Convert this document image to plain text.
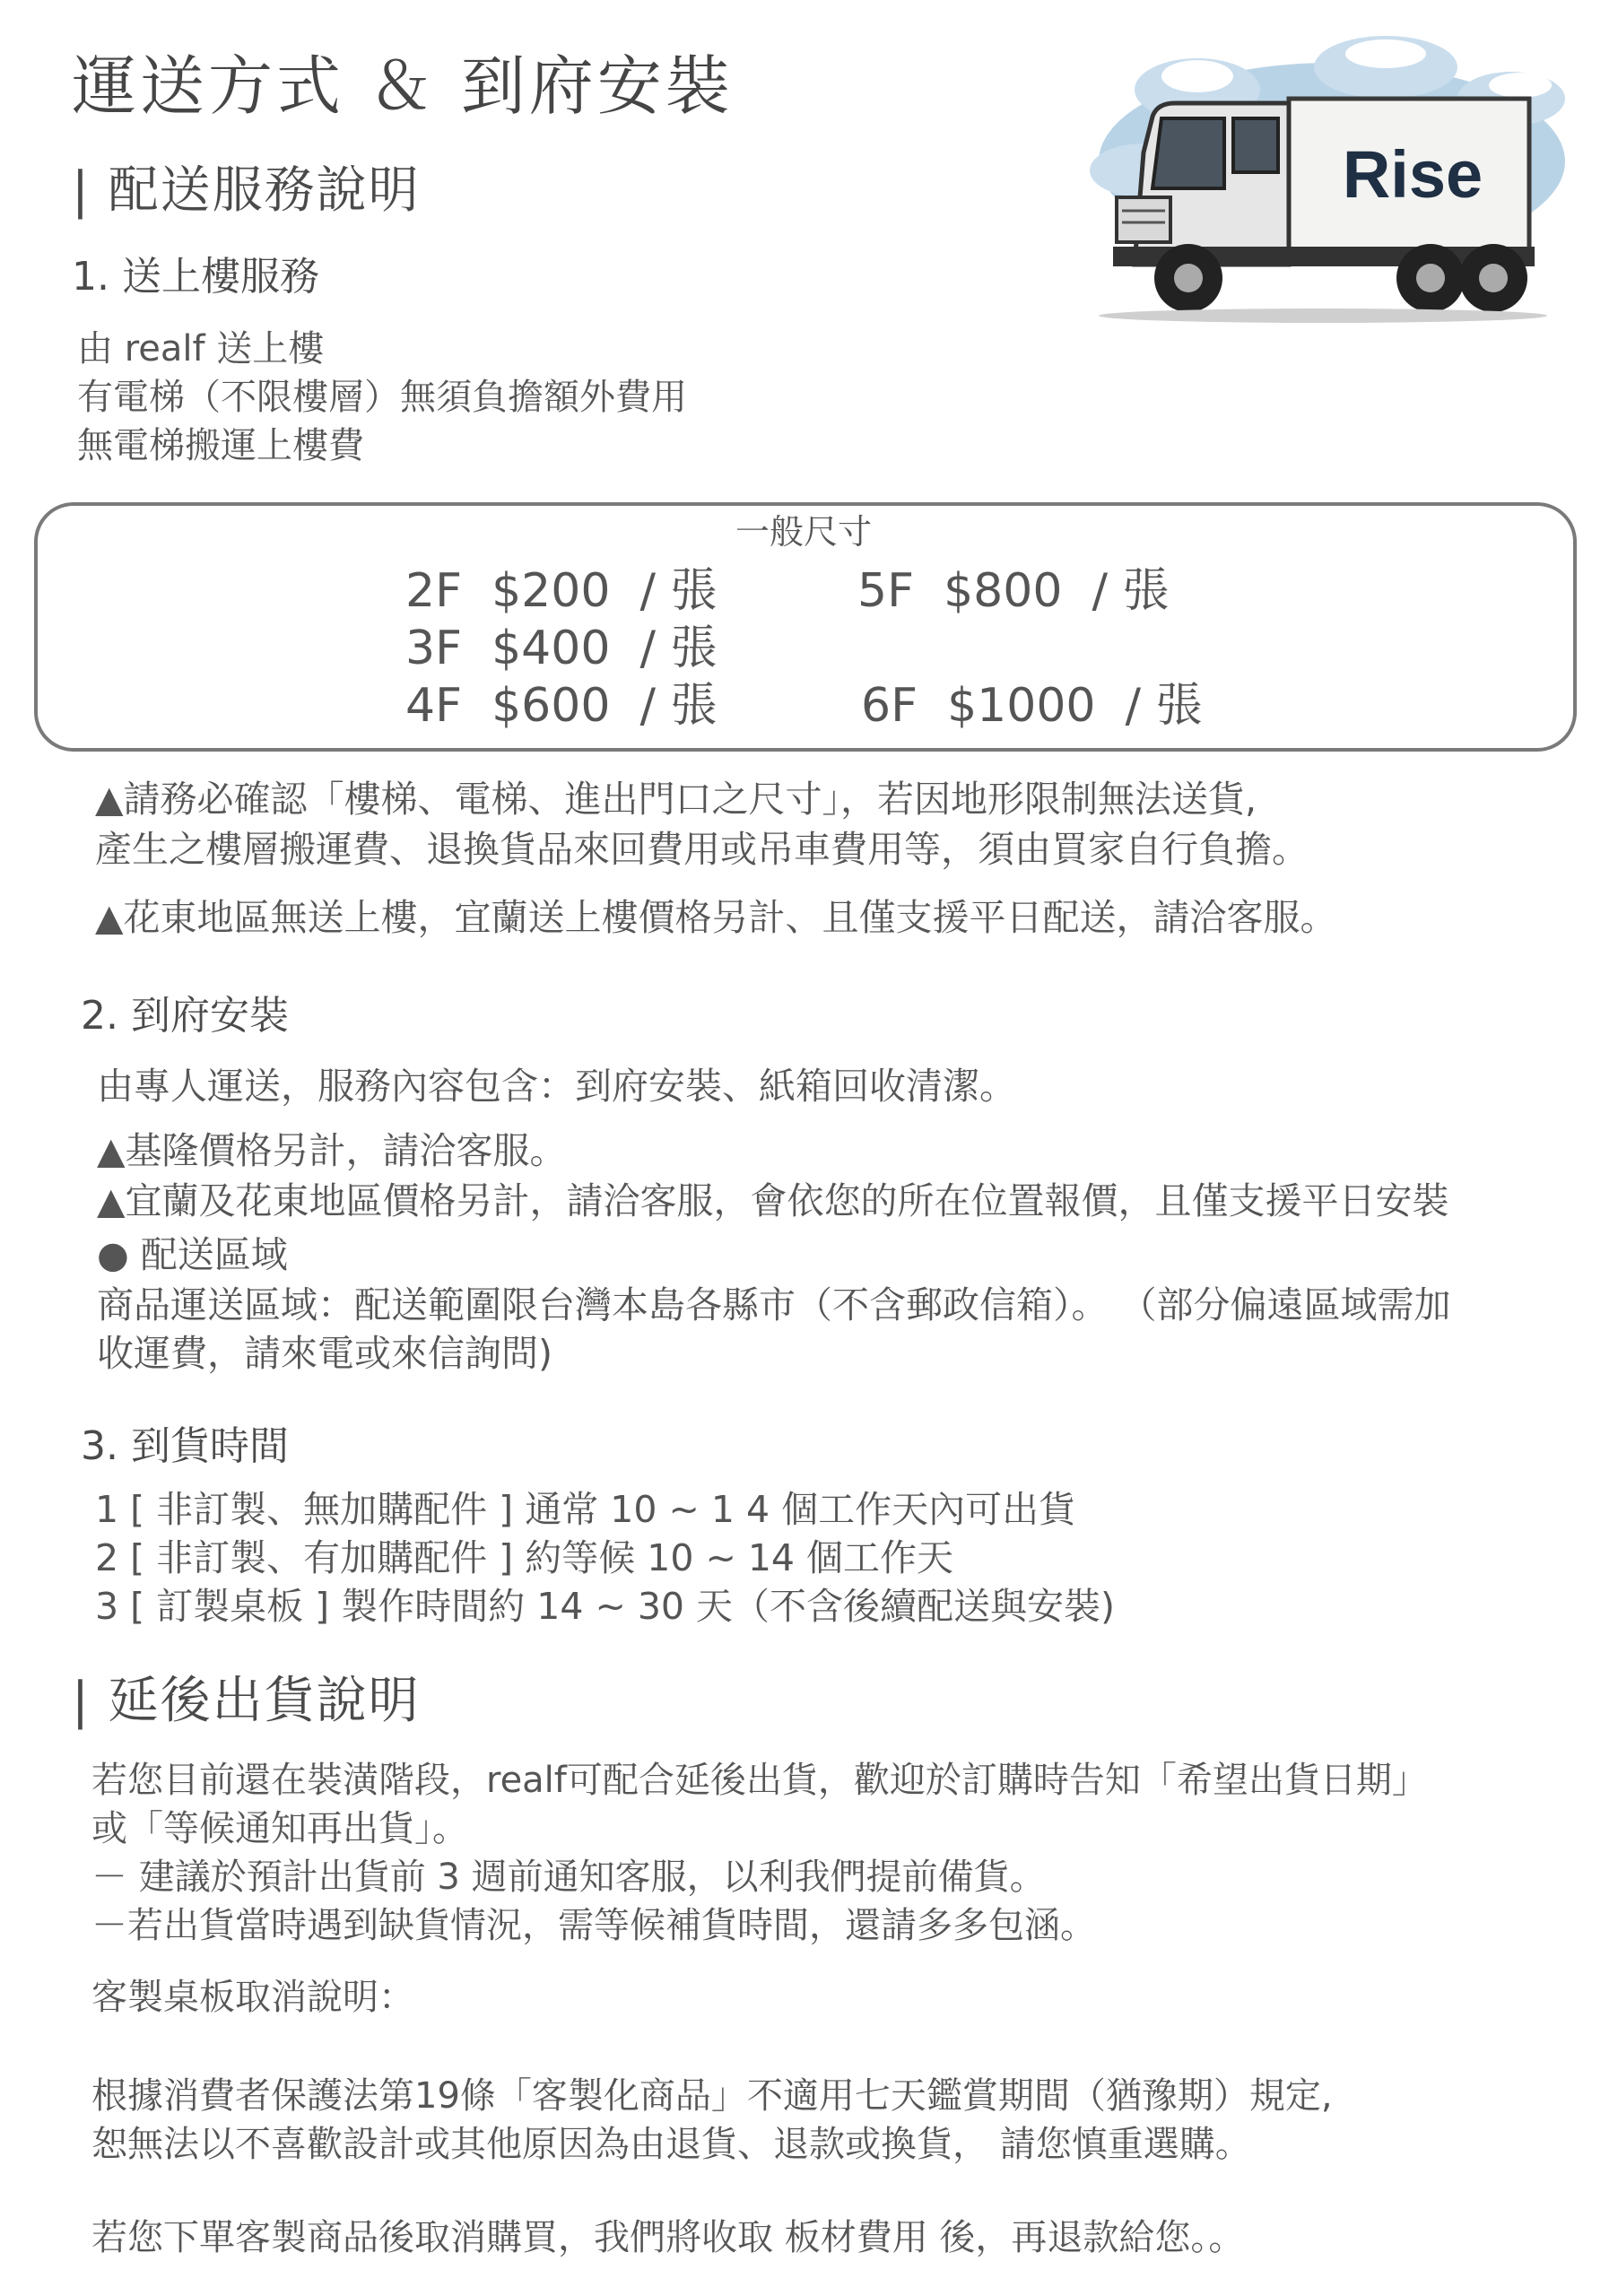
運送方式 ＆ 到府安裝
Rise
| 配送服務說明
1. 送上樓服務
由 realf 送上樓
有電梯（不限樓層）無須負擔額外費用
無電梯搬運上樓費
一般尺寸
2F $200 / 張
3F $400 / 張
4F $600 / 張
5F $800 / 張
6F $1000 / 張
▲請務必確認「樓梯、電梯、進出門口之尺寸」，若因地形限制無法送貨,
產生之樓層搬運費、退換貨品來回費用或吊車費用等，須由買家自行負擔。
▲花東地區無送上樓，宜蘭送上樓價格另計、且僅支援平日配送，請洽客服。
2. 到府安裝
由專人運送，服務內容包含：到府安裝、紙箱回收清潔。
▲基隆價格另計，請洽客服。
▲宜蘭及花東地區價格另計，請洽客服，會依您的所在位置報價，且僅支援平日安裝
● 配送區域
商品運送區域：配送範圍限台灣本島各縣市（不含郵政信箱）。 （部分偏遠區域需加
收運費，請來電或來信詢問)
3. 到貨時間
1 [ 非訂製、無加購配件 ] 通常 10 ~ 1 4 個工作天內可出貨
2 [ 非訂製、有加購配件 ] 約等候 10 ~ 14 個工作天
3 [ 訂製桌板 ] 製作時間約 14 ~ 30 天（不含後續配送與安裝)
| 延後出貨說明
若您目前還在裝潢階段，realf可配合延後出貨，歡迎於訂購時告知「希望出貨日期」
或「等候通知再出貨」。
－ 建議於預計出貨前 3 週前通知客服，以利我們提前備貨。
－若出貨當時遇到缺貨情況，需等候補貨時間，還請多多包涵。
客製桌板取消說明：
根據消費者保護法第19條「客製化商品」不適用七天鑑賞期間（猶豫期）規定,
恕無法以不喜歡設計或其他原因為由退貨、退款或換貨， 請您慎重選購。
若您下單客製商品後取消購買，我們將收取 板材費用 後，再退款給您。。
